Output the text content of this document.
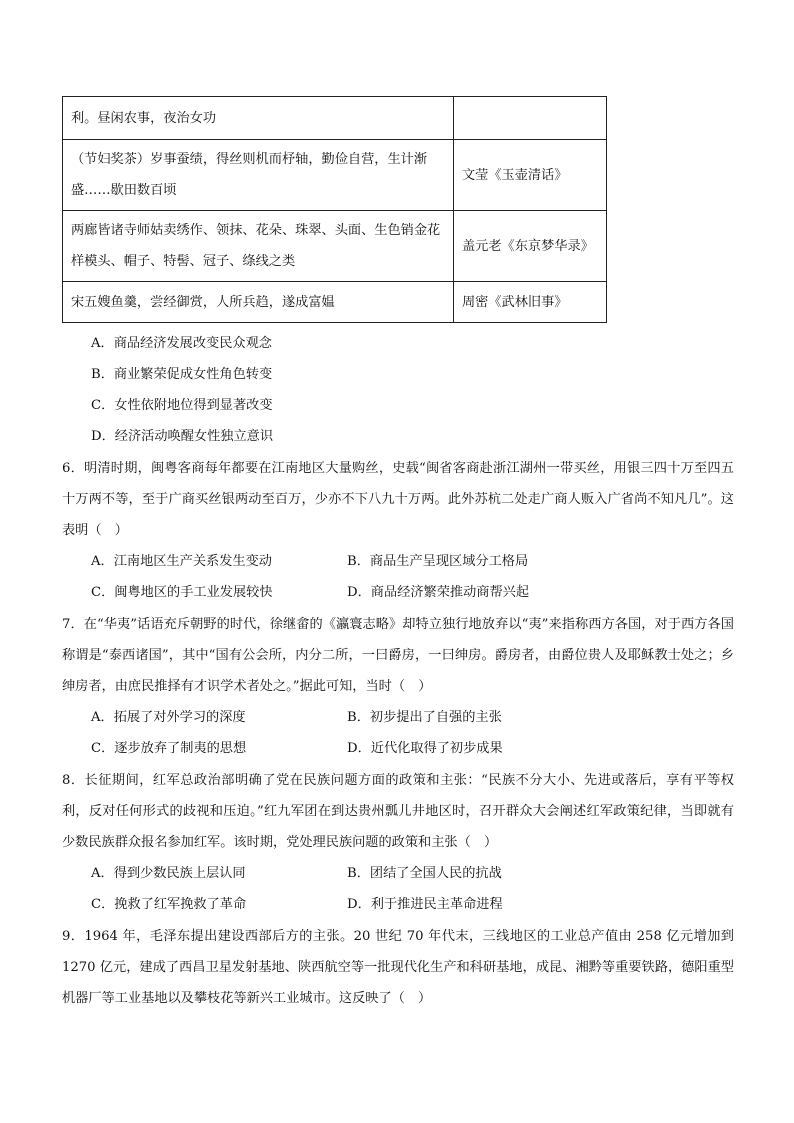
利。昼闲农事，夜治女功	
（节妇奖茶）岁事蚕绩，得丝则机而杼轴，勤俭自营，生计渐盛……歇田数百顷	文莹《玉壶清话》
两廊皆诸寺师姑卖绣作、领抹、花朵、珠翠、头面、生色销金花样模头、帽子、特髻、冠子、绦线之类	盖元老《东京梦华录》
宋五嫂鱼羹，尝经御赏，人所兵趋，遂成富媪	周密《武林旧事》
A．商品经济发展改变民众观念
B．商业繁荣促成女性角色转变
C．女性依附地位得到显著改变
D．经济活动唤醒女性独立意识
6．明清时期，闽粤客商每年都要在江南地区大量购丝，史载“闽省客商赴浙江湖州一带买丝，用银三四十万至四五十万两不等，至于广商买丝银两动至百万，少亦不下八九十万两。此外苏杭二处走广商人贩入广省尚不知凡几”。这表明（　）
A．江南地区生产关系发生变动	B．商品生产呈现区域分工格局
C．闽粤地区的手工业发展较快	D．商品经济繁荣推动商帮兴起
7．在“华夷”话语充斥朝野的时代，徐继畲的《瀛寰志略》却特立独行地放弃以“夷”来指称西方各国，对于西方各国称谓是“泰西诸国”，其中“国有公会所，内分二所，一曰爵房，一曰绅房。爵房者，由爵位贵人及耶稣教士处之；乡绅房者，由庶民推择有才识学术者处之。”据此可知，当时（　）
A．拓展了对外学习的深度	B．初步提出了自强的主张
C．逐步放弃了制夷的思想	D．近代化取得了初步成果
8．长征期间，红军总政治部明确了党在民族问题方面的政策和主张：“民族不分大小、先进或落后，享有平等权利，反对任何形式的歧视和压迫。”红九军团在到达贵州瓢儿井地区时，召开群众大会阐述红军政策纪律，当即就有少数民族群众报名参加红军。该时期，党处理民族问题的政策和主张（　）
A．得到少数民族上层认同	B．团结了全国人民的抗战
C．挽救了红军挽救了革命	D．利于推进民主革命进程
9．1964 年，毛泽东提出建设西部后方的主张。20 世纪 70 年代末，三线地区的工业总产值由 258 亿元增加到 1270 亿元，建成了西昌卫星发射基地、陕西航空等一批现代化生产和科研基地，成昆、湘黔等重要铁路，德阳重型机器厂等工业基地以及攀枝花等新兴工业城市。这反映了（　）
